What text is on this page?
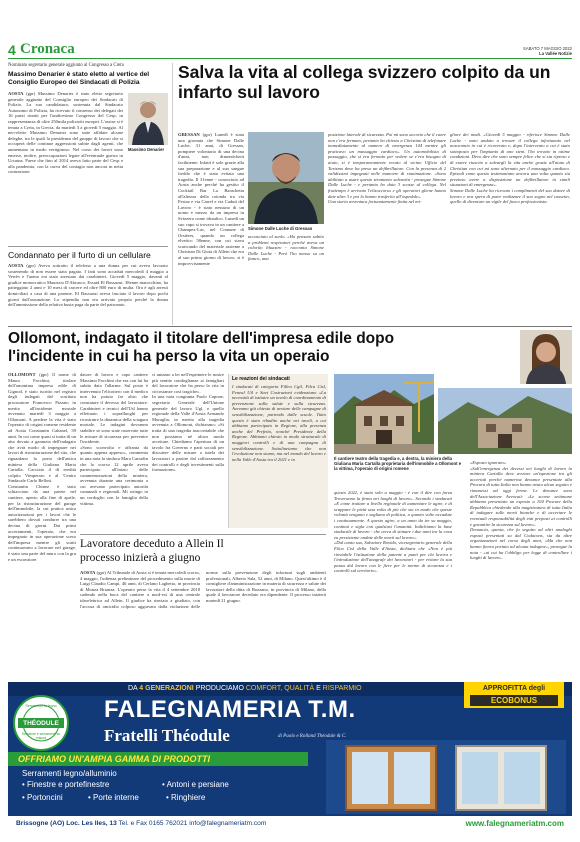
4 Cronaca	SABATO 7 MAGGIO 2022
La Vallée Notizie
Nominato segretario generale aggiunto al Congresso a Creta
Massimo Denarier è stato eletto al vertice del Consiglio Europeo dei Sindacati di Polizia
AOSTA (gpr) Massimo Denarier è stato eletto segretario generale aggiunto del Consiglio europeo dei Sindacati di Polizia. La sua candidatura, sostenuta dal Sindacato Autonomo di Polizia, ha ricevuto il consenso dei delegati dei 16 paesi riuniti per l'undicesimo Congresso del Cesp, in rappresentanza di oltre 250mila poliziotti europei. L'assise si è tenuta a Creta, in Grecia, da martedì 3 a giovedì 5 maggio. Al neo-eletto Massimo Denarier sono state affidate alcune deleghe, tra le quali la presidenza del gruppo di lavoro che si occuperà delle continue aggressioni subite dagli agenti, che aumentano in modo vertiginoso. Nel corso dei lavori sono emerse, inoltre, preoccupazioni legate all'eventuale guerra in Ucraina. Paese che fino al 2014 aveva fatto parte del Cesp e alla pandemia, con la curva del contagio non ancora in netta contrazione.
Massimo Denarier
Condannato per il furto di un cellulare
AOSTA (gpr) Aveva sottratto il telefono a una donna per cui aveva lavorato sostenendo di non essere stato pagato. I fatti sono accaduti mercoledì 4 maggio a Verrès e l'uomo era stato arrestato dai carabinieri. Giovedì 5 maggio, davanti al giudice monocratico Maurizio D'Abrusco, Essaid El Bassaoui, 38enne marocchino, ha patteggiato 2 anni e 10 mesi di carcere ed oltre 800 euro di multa. Ora è agli arresti domiciliari a casa di una parente. El Bassaoui aveva lasciato il lavoro dopo pochi giorni dall'assunzione. Lo stipendio non era arrivato proprio perché la donna dell'ammissione della relativa busta paga da parte del patronato.
Salva la vita al collega svizzero colpito da un infarto sul lavoro

GRESSAN (gpr) Lunedì è stata una giornata che Simone Dalle Luche, 31 anni, di Gressan, pompiere volontario di una decina d'anni, non dimenticherà facilmente. Infatti è solo grazie alla sua preparazione e al suo sangue freddo che è stata evitata una tragedia. Il 31enne - conosciuto ad Aosta anche perché ha gestito il Cocktail Bar La Barachetta all'altezza della rotonda tra via Festaz e via Carrel e via Caduti del Lavoro - è stato nessuno di un uomo e mezzo da un impresa in Svizzera come idraulico. Lunedì un suo capo si trovava in un cantiere a Champex-Lac, nel Comune di Orsières, quando un collega elvetico 58enne, con cui stava scaricando del materiale assieme a Christian Di Gioia di Allein che era al suo primo giorno di lavoro, si è improvvisamente

Simone Dalle Luche di Gressan

accasciato al suolo. «Ho pensato subito a problemi respiratori perché aveva un colorito bluastro - racconta Simone Dalle Luche - Però l'ho messo su un fianco, una

posizione laterale di sicurezza. Poi mi sono accorto che il cuore non c'era fermato, pertanto ho chiesto a Christian di telefonare immediatamente al numero di emergenza 144 mentre gli praticavo un massaggio cardiaco». Un automobilista di passaggio, che si era fermato per vedere se c'era bisogno di aiuto, si è temporaneamente recato al vicino Ufficio del Turismo dove ha preso un defibrillatore. Con la presenza di 2 validissimi impegnati nelle manovre di rianimazione. «Sono abilitato a usare questo strumento salvavita - prosegue Simone Dalle Luche - e pertanto ho dato 3 scosse al collega. Nel frattempo è arrivato l'elisoccorso e gli operatori gliene hanno date altre 3 e poi lo hanno trasferito all'ospedale».
Una storia avventura fortunatamente finita nel mi-

gliore dei modi. «Giovedì 5 maggio - riferisce Simone Dalle Luche - sono andato a trovare il collega infortunato nel nosocomio in cui è ricoverato e, dopo l'intervento a cui è stato sottoposto per l'impianto di uno stent. l'ho trovato in ottime condizioni. Devo dire che sono sempre felice che si sia ripreso e di essere riuscito a salvargli la vita anche grazie all'aiuto di Christian con cui mi sono alternato per il massaggio cardiaco. Episodi come questo testimoniano ancora una volta quanto sia prezioso avere a disposizione un defibrillatore in simili situazioni di emergenza».
Simone Dalle Luche ha ricevuto i complimenti del suo datore di lavoro e ora spera di poter realizzare il suo sogno nel cassetto, quello di diventare un vigile del fuoco professionista.

Ollomont, indagato il titolare dell'impresa edile dopo l'incidente in cui ha perso la vita un operaio

OLLOMONT (gpr) Il nome di Mauro Facchini, titolare dell'omonima impresa edile di Gignod, è stato iscritto nel registro degli indagati dal sostituto procuratore Francesco Pizzato in merito all'incidente mortale avvenuto martedì 3 maggio a Ollomont. A perdere la vita è stato l'operaio di origini romene residente ad Aosta Constantin Cahanel, 39 anni. In cui come quasi si tratta di un atto dovuto a garanzia dell'indagato che avrà modo di impegnare nei lavori di ristrutturazione del sito, che riguardano la porta dell'antica miniera della Giuliana Maria Cartalla. Cacciato il dì eredità colpito Vimperaro e al 'Centro Sindacale Carlo Bellosi.
Constantin Chinez è stato schiacciato da una parete nel cantiere, aperto alla fine di aprile, per la ristrutturazione del garage dell'immobile, la cui pratica unica autorizzazioni per i lavori che le sarebbero dovuti condurre tra una decina di giorni. Dai primi accertamenti, l'operaio, che era impegnato in sua operazione sceso dell'impresa mentre gli scatti continuavano a lavorare nel garage, è stato una parte del muro con la gru e un escavatore.

datore di lavoro e capo cantiere Massimo Facchini che era con lui ha subito dato l'allarme. Sul posto è intervenuto l'elicottero con il medico non ha potuto far altro che constatare il decesso del lavoratore. Carabinieri e tecnici dell'Usl hanno effettuato i sopralluoghi per ricostruire la dinamica della sciagura mortale. Le indagini dovranno stabilire se sono state osservate tutte le misure di sicurezza per prevenire l'incidente.
«Sono sconvolta e affranta da quanto appena appreso», commenta in una nota la sindaca Mara Carradin che lo scorso 12 aprile aveva partecipato all'inizio delle commemorazioni della miniera, avvenuta durante una cerimonia a cui avevano partecipato autorità comunali e regionali. Mi stringo in un cordoglio con la famiglia della vittima.

ci uniamo a lei nell'esprimere le nostre più sentite condoglianze ai famigliari del lavoratore che ha perso la vita in circostanze così tragiche».
In una nota congiunta Paolo Capone, segretario Generale dell'Unione generale del lavoro Ugl, e quello regionale della Valle d'Aosta Armando Muraglia, in merito alla tragedia avvenuta a Ollomont, dichiarano: «Si tratta di una tragedia inaccettabile che non possiamo né alcun modo accettare. Chiediamo l'apertura di un tavolo fra Governo e parti sociali per discutere delle misure a tutela dei lavoratori a partire dal rafforzamento dei controlli e degli investimenti sulla formazione».

Le reazioni dei sindacati

I sindacati di categoria Fillea Cgil, Filca Cisl, Feneal Uil e Savt Costruzioni evidenziano «La necessità di istituire un tavolo di coordinamento di prevenzione sulla salute e sulla sicurezza. Avevamo già chiesto di avviare delle campagne di sensibilizzazione, partendo dalle scuole. Tutto questo è stato ribadito anche nei tavoli, a cui abbiamo partecipato in Regione, alla presenza anche del Prefetto, nonché Presidente della Regione. Abbiamo chiesto in modo strutturale di maggiori controlli e di una campagna di sensibilizzazione. Sottolineiamo che non l'evoluzione non siamo, ma nel mondo del lavoro e nella Valle d'Aosta tra il 2021 e in	Il cantiere teatro della tragedia e, a destra, la miniera della Giuliana Maria Cartalla proprietaria dell'immobile a Ollomont e la vittima, l'operaio di origini romene

questo 2022, è stato solo a maggio - è con il dire con forza Troveranno la firma nei luoghi di lavoro». Secondo i sindacati «E come trattare a livello regionale di aumentare le agire, e di scappare le pietà una volta di più che sia in modo che queste volontà vengano e sogliano di politica, a quanto volte accadute i continuamente. A questo agire, a un anno da tre su maggio, continui e sigla con qualsiasi l'umanità. Indichiamo la base sindacale di lavoro - che cerca di stimare i due anni tra la cosa eu persistente ondate delle morti sul lavoro».
«Dal canto suo, Salvatore Rovido, vicesegretario generale della Filca Cisl della Valle d'Aosta, dichiara che «Non è più rinviabile l'istituzione della patente a punti per chi lavora e l'introduzione dell'anagrafe dei lavoratori - per evitare la sua pausa dal lavoro con le fiere per le norme di sicurezza e i controlli sul territorio».

«Esposto ignorato»
«Sull'emergenza dei decessi nei luoghi di lavoro la miniera Cartalla deve avviare un'ispezione tra gli accertati perché numerose denunce presentate alla Procura di tutta Italia non hanno avuto alcun seguito e rimanessi ad oggi ferme. Le denunce sono dell'Associazione Avvocati: «Le scorse settimane abbiamo presentato un esposto a 104 Procure della Repubblica chiedendo alla magistratura di tutta Italia di indagare sulle morti bianche e di accertare le eventuali responsabilità degli enti preposti ai controlli e garantire la sicurezza sul lavoro».
Denuncia, questa, che fa seguito ad altri analoghi esposti presentati su dal Codacons, sia da altre organizzazioni nel corso degli anni, «Ma che non hanno finora portato ad alcuna indagine», prosegue la nota - «ai cui ha l'obbligo per legge di controllare i luoghi di lavoro».

Lavoratore deceduto a Allein Il processo inizierà a giugno

AOSTA (gpr) Al Tribunale di Aosta si è tenuta mercoledì scorso, 4 maggio, l'udienza preliminare del procedimento sulla morte di Luigi Claudio Campi, 46 anni, di Cerlano Laghetto, in provincia di Monza Brianza. L'operaio perse la vita il 4 settembre 2018 cadendo nella buca del cantiere a nord-est di una centrale idroelettrica ad Allein. Il giudice ha rinviato a giudizio, con l'accusa di omicidio colposo aggravato dalla violazione delle norme sulla prevenzione degli infortuni sugli ambienti professionali, Alberto Sala, 52 anni, di Milano. Quest'ultimo è il consigliere d'amministrazione in materia di sicurezza e salute dei lavoratori della ditta di Bozzano, in provincia di Milano, della quale il lavoratore deceduto era dipendente. Il processo inizierà martedì 21 giugno.

DA 4 GENERAZIONI PRODUCIAMO COMFORT, QUALITÀ E RISPARMIO	APPROFITTA degli
ECOBONUS
Serramenti in legno
THÉODULE
Serrature e serramenti su misura
FALEGNAMERIA T.M.
Fratelli Théodule	di Paolo e Rolland Théodule & C.
OFFRIAMO UN'AMPIA GAMMA DI PRODOTTI
Serramenti legno/alluminio
• Finestre e portefinestre	• Antoni e persiane
• Portoncini	• Porte interne	• Ringhiere
Brissogne (AO) Loc. Les Iles, 13 Tel. e Fax 0165 762021 info@falegnameriatm.com	www.falegnameriatm.com
